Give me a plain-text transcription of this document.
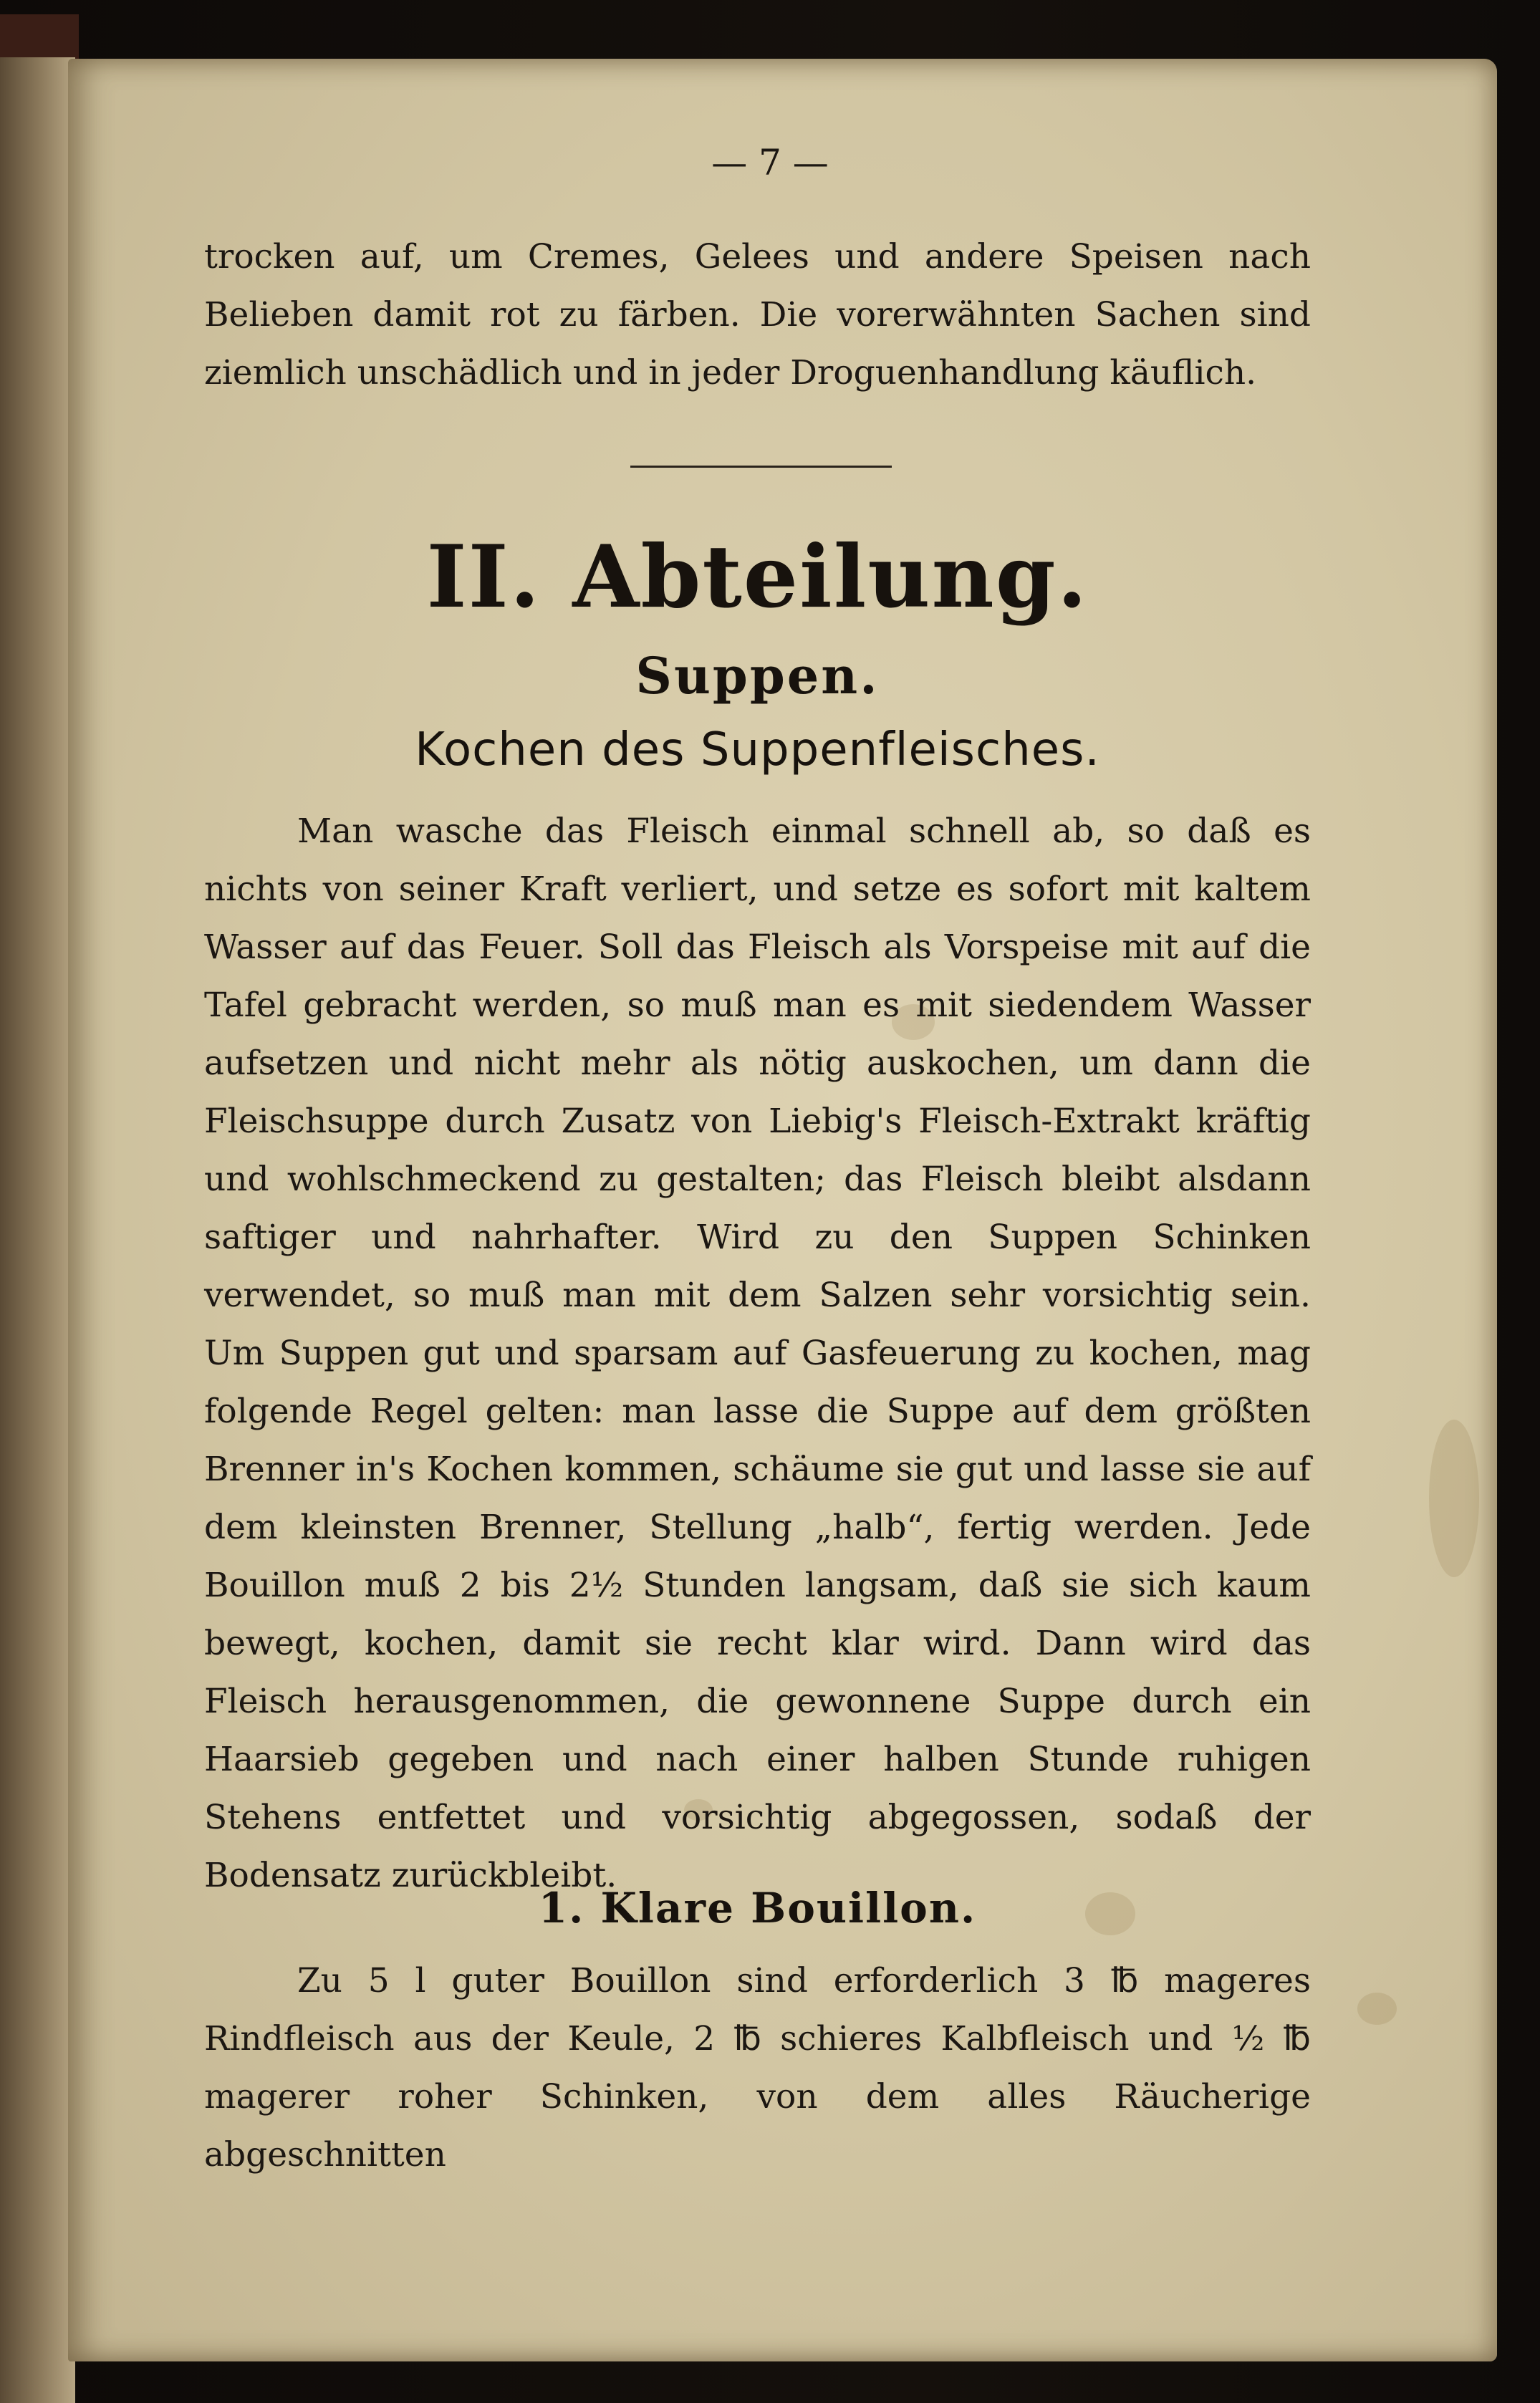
— 7 —
trocken auf, um Cremes, Gelees und andere Speisen nach Belieben damit rot zu färben. Die vorerwähnten Sachen sind ziemlich unschädlich und in jeder Droguenhandlung käuflich.
II. Abteilung.
Suppen.
Kochen des Suppenfleisches.
Man wasche das Fleisch einmal schnell ab, so daß es nichts von seiner Kraft verliert, und setze es sofort mit kaltem Wasser auf das Feuer. Soll das Fleisch als Vorspeise mit auf die Tafel gebracht werden, so muß man es mit siedendem Wasser aufsetzen und nicht mehr als nötig auskochen, um dann die Fleischsuppe durch Zusatz von Liebig's Fleisch-Extrakt kräftig und wohlschmeckend zu gestalten; das Fleisch bleibt alsdann saftiger und nahrhafter. Wird zu den Suppen Schinken verwendet, so muß man mit dem Salzen sehr vorsichtig sein. Um Suppen gut und sparsam auf Gasfeuerung zu kochen, mag folgende Regel gelten: man lasse die Suppe auf dem größten Brenner in's Kochen kommen, schäume sie gut und lasse sie auf dem kleinsten Brenner, Stellung „halb“, fertig werden. Jede Bouillon muß 2 bis 2½ Stunden langsam, daß sie sich kaum bewegt, kochen, damit sie recht klar wird. Dann wird das Fleisch herausgenommen, die gewonnene Suppe durch ein Haarsieb gegeben und nach einer halben Stunde ruhigen Stehens entfettet und vorsichtig abgegossen, sodaß der Bodensatz zurückbleibt.
1. Klare Bouillon.
Zu 5 l guter Bouillon sind erforderlich 3 ℔ mageres Rindfleisch aus der Keule, 2 ℔ schieres Kalbfleisch und ½ ℔ magerer roher Schinken, von dem alles Räucherige abgeschnitten
